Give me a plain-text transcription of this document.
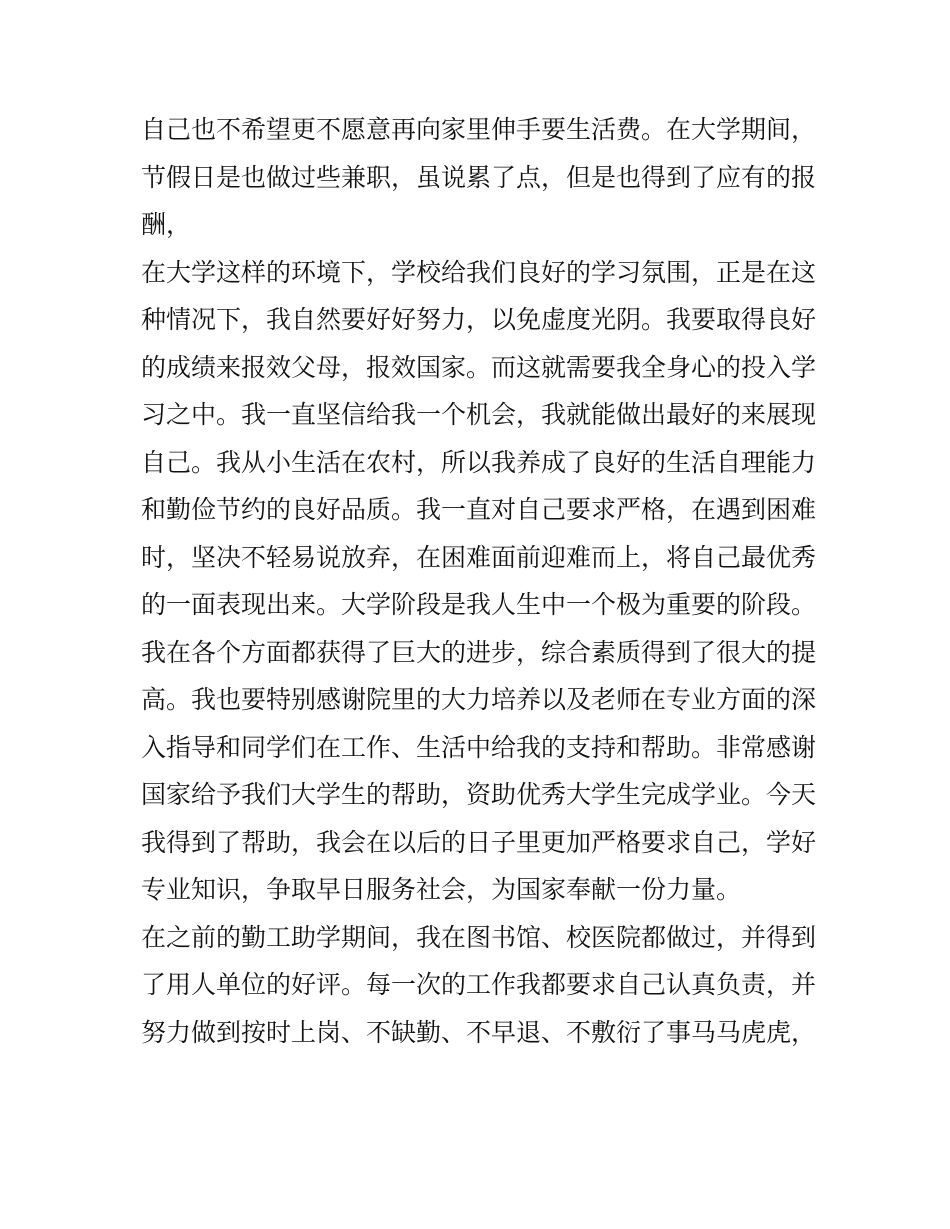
自己也不希望更不愿意再向家里伸手要生活费。在大学期间，
节假日是也做过些兼职，虽说累了点，但是也得到了应有的报
酬，
在大学这样的环境下，学校给我们良好的学习氛围，正是在这
种情况下，我自然要好好努力，以免虚度光阴。我要取得良好
的成绩来报效父母，报效国家。而这就需要我全身心的投入学
习之中。我一直坚信给我一个机会，我就能做出最好的来展现
自己。我从小生活在农村，所以我养成了良好的生活自理能力
和勤俭节约的良好品质。我一直对自己要求严格，在遇到困难
时，坚决不轻易说放弃，在困难面前迎难而上，将自己最优秀
的一面表现出来。大学阶段是我人生中一个极为重要的阶段。
我在各个方面都获得了巨大的进步，综合素质得到了很大的提
高。我也要特别感谢院里的大力培养以及老师在专业方面的深
入指导和同学们在工作、生活中给我的支持和帮助。非常感谢
国家给予我们大学生的帮助，资助优秀大学生完成学业。今天
我得到了帮助，我会在以后的日子里更加严格要求自己，学好
专业知识，争取早日服务社会，为国家奉献一份力量。
在之前的勤工助学期间，我在图书馆、校医院都做过，并得到
了用人单位的好评。每一次的工作我都要求自己认真负责，并
努力做到按时上岗、不缺勤、不早退、不敷衍了事马马虎虎，
